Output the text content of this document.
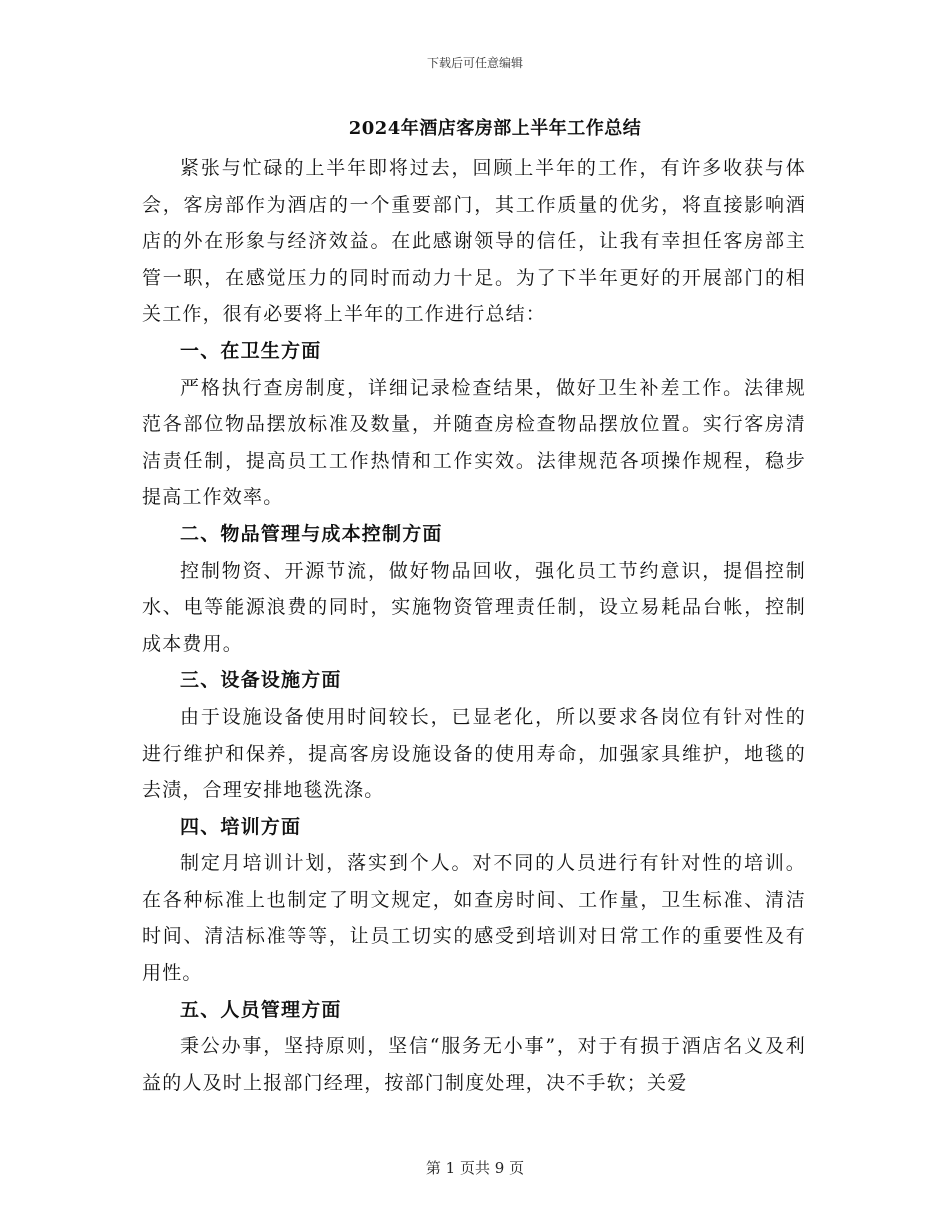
下载后可任意编辑
2024年酒店客房部上半年工作总结

紧张与忙碌的上半年即将过去，回顾上半年的工作，有许多收获与体会，客房部作为酒店的一个重要部门，其工作质量的优劣，将直接影响酒店的外在形象与经济效益。在此感谢领导的信任，让我有幸担任客房部主管一职，在感觉压力的同时而动力十足。为了下半年更好的开展部门的相关工作，很有必要将上半年的工作进行总结：

一、在卫生方面

严格执行查房制度，详细记录检查结果，做好卫生补差工作。法律规范各部位物品摆放标准及数量，并随查房检查物品摆放位置。实行客房清洁责任制，提高员工工作热情和工作实效。法律规范各项操作规程，稳步提高工作效率。

二、物品管理与成本控制方面

控制物资、开源节流，做好物品回收，强化员工节约意识，提倡控制水、电等能源浪费的同时，实施物资管理责任制，设立易耗品台帐，控制成本费用。

三、设备设施方面

由于设施设备使用时间较长，已显老化，所以要求各岗位有针对性的进行维护和保养，提高客房设施设备的使用寿命，加强家具维护，地毯的去渍，合理安排地毯洗涤。

四、培训方面

制定月培训计划，落实到个人。对不同的人员进行有针对性的培训。在各种标准上也制定了明文规定，如查房时间、工作量，卫生标准、清洁时间、清洁标准等等，让员工切实的感受到培训对日常工作的重要性及有用性。

五、人员管理方面

秉公办事，坚持原则，坚信“服务无小事”，对于有损于酒店名义及利益的人及时上报部门经理，按部门制度处理，决不手软；关爱

第 1 页共 9 页
